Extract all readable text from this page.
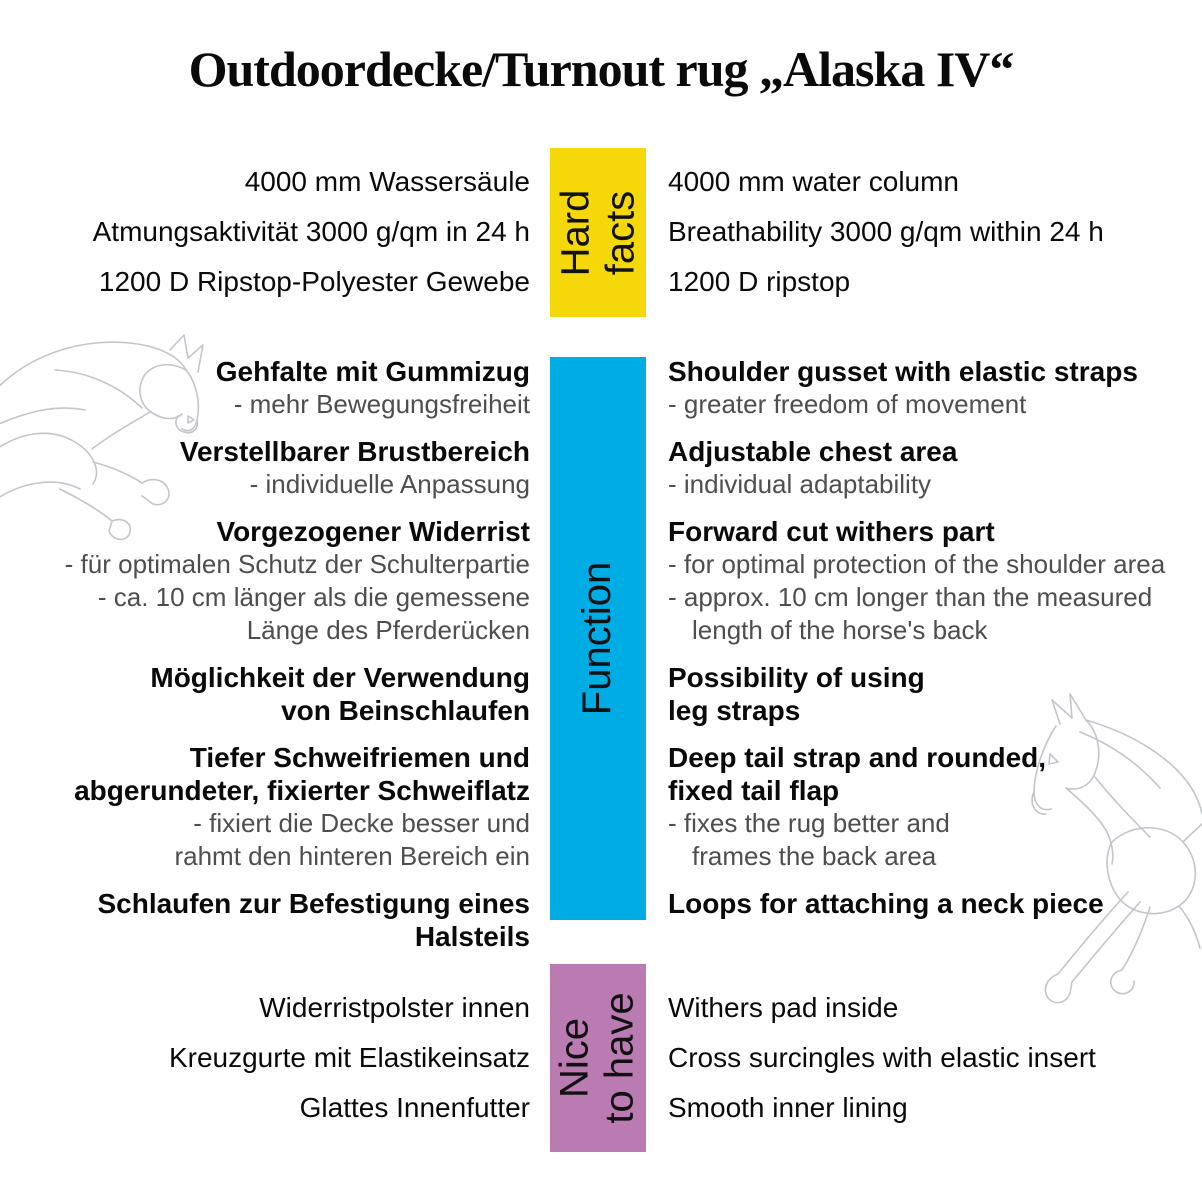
Outdoordecke/Turnout rug „Alaska IV“
Hard facts
4000 mm Wassersäule
Atmungsaktivität 3000 g/qm in 24 h
1200 D Ripstop-Polyester Gewebe
4000 mm water column
Breathability 3000 g/qm within 24 h
1200 D ripstop
Function
Gehfalte mit Gummizug
- mehr Bewegungsfreiheit
Verstellbarer Brustbereich
- individuelle Anpassung
Vorgezogener Widerrist
- für optimalen Schutz der Schulterpartie
- ca. 10 cm länger als die gemessene
Länge des Pferderücken
Möglichkeit der Verwendung
von Beinschlaufen
Tiefer Schweifriemen und
abgerundeter, fixierter Schweiflatz
- fixiert die Decke besser und
rahmt den hinteren Bereich ein
Schlaufen zur Befestigung eines Halsteils
Shoulder gusset with elastic straps
- greater freedom of movement
Adjustable chest area
- individual adaptability
Forward cut withers part
- for optimal protection of the shoulder area
- approx. 10 cm longer than the measured
length of the horse's back
Possibility of using
leg straps
Deep tail strap and rounded,
fixed tail flap
- fixes the rug better and
frames the back area
Loops for attaching a neck piece
Nice to have
Widerristpolster innen
Kreuzgurte mit Elastikeinsatz
Glattes Innenfutter
Withers pad inside
Cross surcingles with elastic insert
Smooth inner lining
